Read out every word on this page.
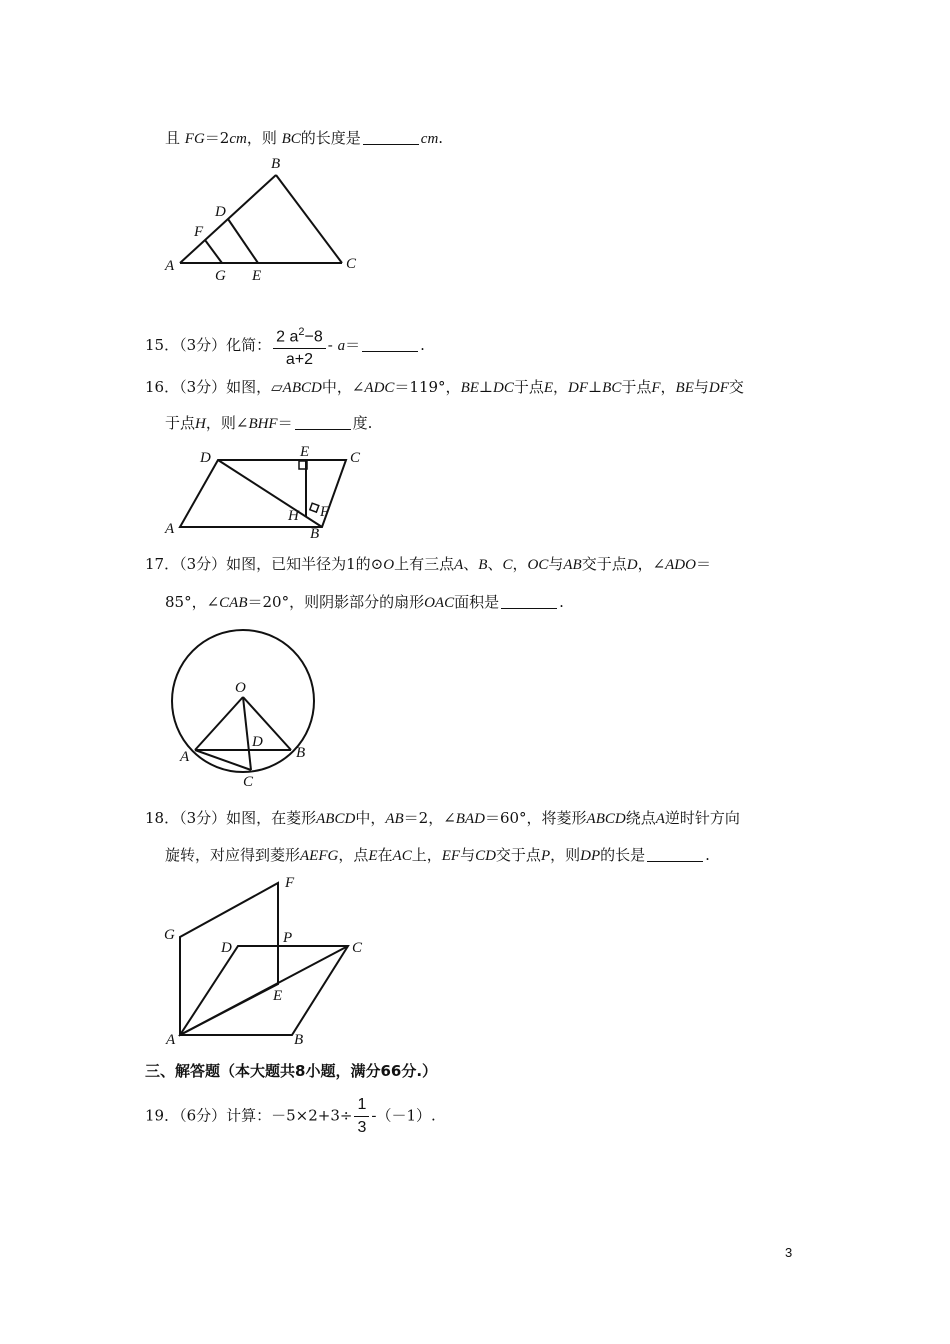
且 FG＝2cm，则 BC的长度是	cm.
A
B
C
D
E
F
G
15．（3分）化简： $\frac{2 a^2-8}{a+2} - a=$	.
16．（3分）如图，▱ABCD中，∠ADC＝119°，BE⊥DC于点E，DF⊥BC于点F，BE与DF交
于点H，则∠BHF＝	度.
A	B
C
D	E
F
H
17．（3分）如图，已知半径为1的⊙O上有三点A、B、C，OC与AB交于点D，∠ADO＝
85°，∠CAB＝20°，则阴影部分的扇形OAC面积是	.
O
A	B
C
D
18．（3分）如图，在菱形ABCD中，AB＝2，∠BAD＝60°，将菱形ABCD绕点A逆时针方向
旋转，对应得到菱形AEFG，点E在AC上，EF与CD交于点P，则DP的长是	.
A	B
C
D
E
F
G	P
三、解答题（本大题共8小题，满分66分.）
19．（6分）计算：$-5\times 2+3\div \frac{1}{3} -(-1)$.
3
